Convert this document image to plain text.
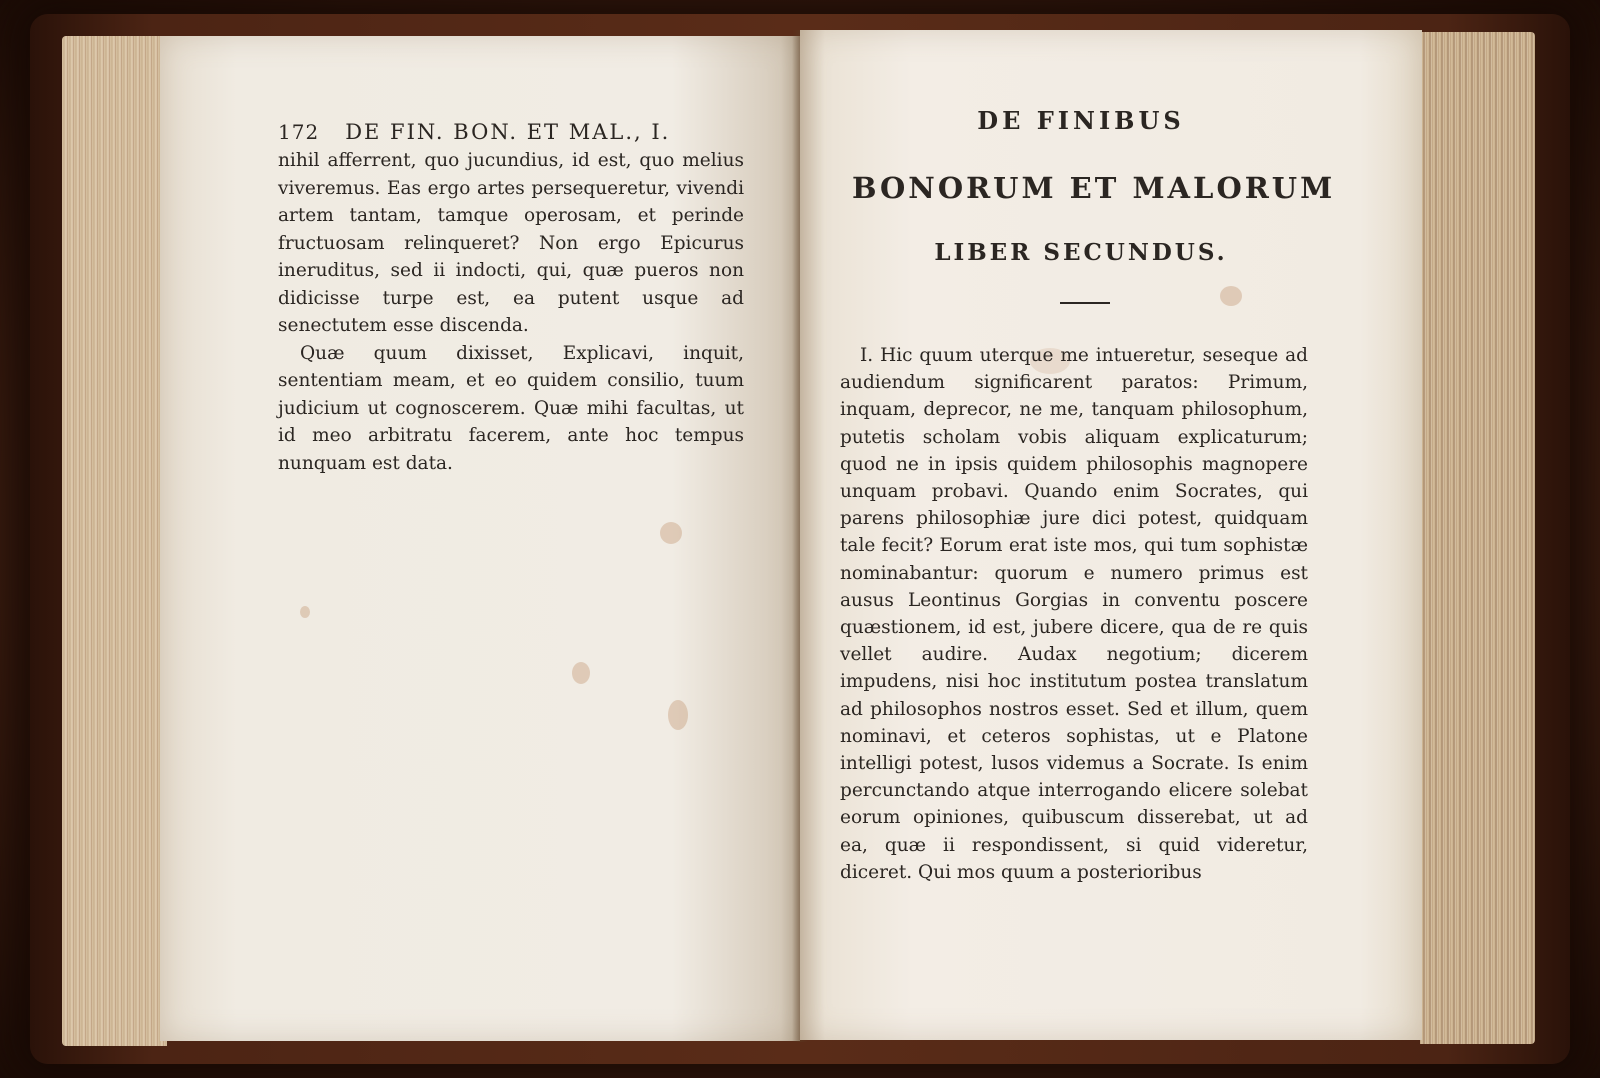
172 DE FIN. BON. ET MAL., I.

nihil afferrent, quo jucundius, id est, quo melius viveremus. Eas ergo artes persequeretur, vivendi artem tantam, tamque operosam, et perinde fructuosam relinqueret? Non ergo Epicurus ineruditus, sed ii indocti, qui, quæ pueros non didicisse turpe est, ea putent usque ad senectutem esse discenda.

Quæ quum dixisset, Explicavi, inquit, sententiam meam, et eo quidem consilio, tuum judicium ut cognoscerem. Quæ mihi facultas, ut id meo arbitratu facerem, ante hoc tempus nunquam est data.

DE FINIBUS
BONORUM ET MALORUM
LIBER SECUNDUS.

I. Hic quum uterque me intueretur, seseque ad audiendum significarent paratos: Primum, inquam, deprecor, ne me, tanquam philosophum, putetis scholam vobis aliquam explicaturum; quod ne in ipsis quidem philosophis magnopere unquam probavi. Quando enim Socrates, qui parens philosophiæ jure dici potest, quidquam tale fecit? Eorum erat iste mos, qui tum sophistæ nominabantur: quorum e numero primus est ausus Leontinus Gorgias in conventu poscere quæstionem, id est, jubere dicere, qua de re quis vellet audire. Audax negotium; dicerem impudens, nisi hoc institutum postea translatum ad philosophos nostros esset. Sed et illum, quem nominavi, et ceteros sophistas, ut e Platone intelligi potest, lusos videmus a Socrate. Is enim percunctando atque interrogando elicere solebat eorum opiniones, quibuscum disserebat, ut ad ea, quæ ii respondissent, si quid videretur, diceret. Qui mos quum a posterioribus
